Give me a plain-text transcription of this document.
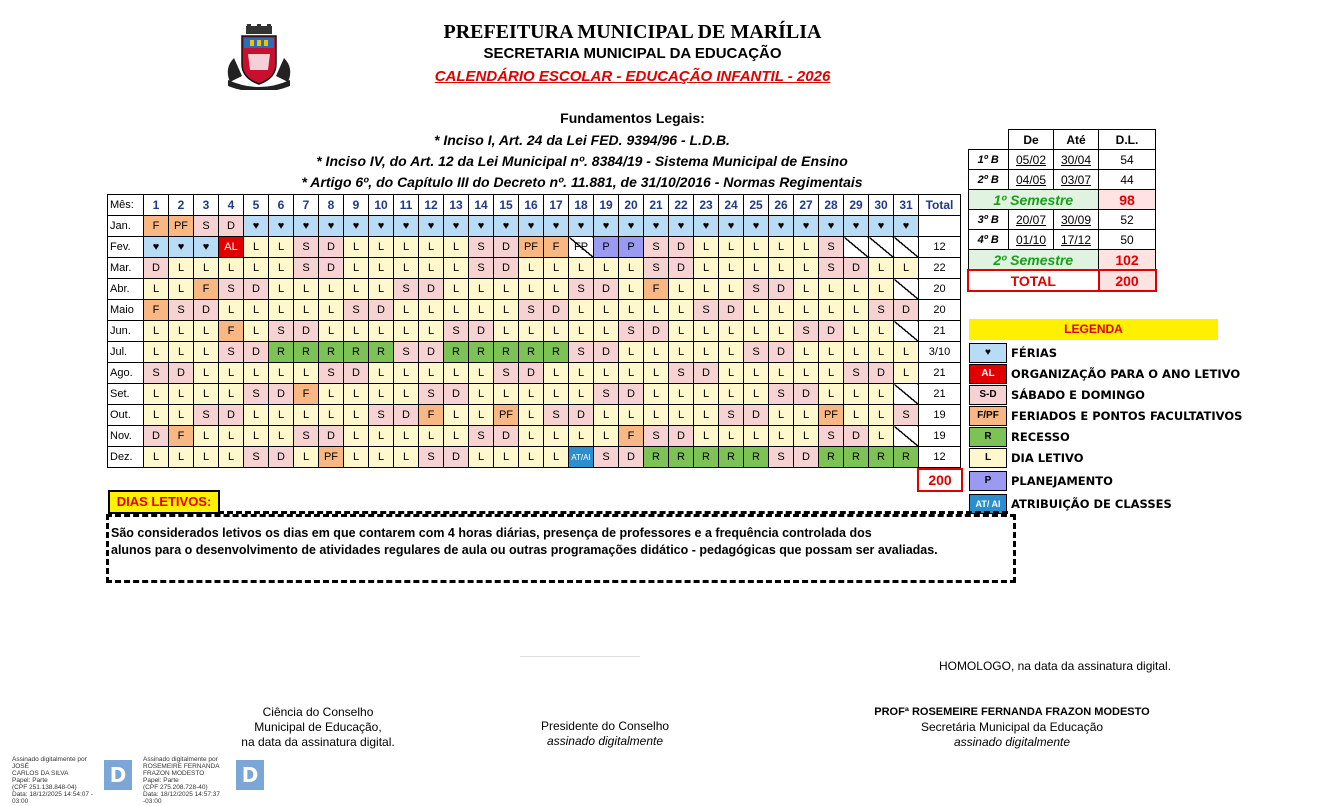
PREFEITURA MUNICIPAL DE MARÍLIA
SECRETARIA MUNICIPAL DA EDUCAÇÃO
CALENDÁRIO ESCOLAR - EDUCAÇÃO INFANTIL - 2026
Fundamentos Legais:
* Inciso I, Art. 24 da Lei FED. 9394/96 - L.D.B.
* Inciso IV, do Art. 12 da Lei Municipal nº. 8384/19 - Sistema Municipal de Ensino
* Artigo 6º, do Capítulo III do Decreto nº. 11.881, de 31/10/2016 - Normas Regimentais
Mês:	1	2	3	4	5	6	7	8	9	10	11	12	13	14	15	16	17	18	19	20	21	22	23	24	25	26	27	28	29	30	31	Total
Jan.	F	PF	S	D	♥	♥	♥	♥	♥	♥	♥	♥	♥	♥	♥	♥	♥	♥	♥	♥	♥	♥	♥	♥	♥	♥	♥	♥	♥	♥	♥	
Fev.	♥	♥	♥	AL	L	L	S	D	L	L	L	L	L	S	D	PF	F	FP	P	P	S	D	L	L	L	L	L	S				12
Mar.	D	L	L	L	L	L	S	D	L	L	L	L	L	S	D	L	L	L	L	L	S	D	L	L	L	L	L	S	D	L	L	22
Abr.	L	L	F	S	D	L	L	L	L	L	S	D	L	L	L	L	L	S	D	L	F	L	L	L	S	D	L	L	L	L		20
Maio	F	S	D	L	L	L	L	L	S	D	L	L	L	L	L	S	D	L	L	L	L	L	S	D	L	L	L	L	L	S	D	20
Jun.	L	L	L	F	L	S	D	L	L	L	L	L	S	D	L	L	L	L	L	S	D	L	L	L	L	L	S	D	L	L		21
Jul.	L	L	L	S	D	R	R	R	R	R	S	D	R	R	R	R	R	S	D	L	L	L	L	L	S	D	L	L	L	L	L	3/10
Ago.	S	D	L	L	L	L	L	S	D	L	L	L	L	L	S	D	L	L	L	L	L	S	D	L	L	L	L	L	S	D	L	21
Set.	L	L	L	L	S	D	F	L	L	L	L	S	D	L	L	L	L	L	S	D	L	L	L	L	L	S	D	L	L	L		21
Out.	L	L	S	D	L	L	L	L	L	S	D	F	L	L	PF	L	S	D	L	L	L	L	L	S	D	L	L	PF	L	L	S	19
Nov.	D	F	L	L	L	L	S	D	L	L	L	L	L	S	D	L	L	L	L	F	S	D	L	L	L	L	L	S	D	L		19
Dez.	L	L	L	L	S	D	L	PF	L	L	L	S	D	L	L	L	L	AT/AI	S	D	R	R	R	R	R	S	D	R	R	R	R	12
	De	Até	D.L.
1º B	05/02	30/04	54
2º B	04/05	03/07	44
1º Semestre			98
3º B	20/07	30/09	52
4º B	01/10	17/12	50
2º Semestre			102
TOTAL			200
LEGENDA
♥	FÉRIAS
AL	ORGANIZAÇÃO PARA O ANO LETIVO
S-D	SÁBADO E DOMINGO
F/PF	FERIADOS E PONTOS FACULTATIVOS
R	RECESSO
L	DIA LETIVO
P	PLANEJAMENTO
AT/ AI ATRIBUIÇÃO DE CLASSES
200
DIAS LETIVOS:
São considerados letivos os dias em que contarem com 4 horas diárias, presença de professores e a frequência controlada dos
alunos para o desenvolvimento de atividades regulares de aula ou outras programações didático - pedagógicas que possam ser avaliadas.
HOMOLOGO, na data da assinatura digital.
Ciência do Conselho
Municipal de Educação,
na data da assinatura digital.
Presidente do Conselho
assinado digitalmente
PROFª ROSEMEIRE FERNANDA FRAZON MODESTO
Secretária Municipal da Educação
assinado digitalmente
Assinado digitalmente por JOSÉ
CARLOS DA SILVA
Papel: Parte
(CPF 251.138.848-04)
Data: 18/12/2025 14:54:07 -
03:00
D
Assinado digitalmente por
ROSEMEIRE FERNANDA
FRAZON MODESTO
Papel: Parte
(CPF 275.208.728-40)
Data: 18/12/2025 14:57:37 -03:00
D
